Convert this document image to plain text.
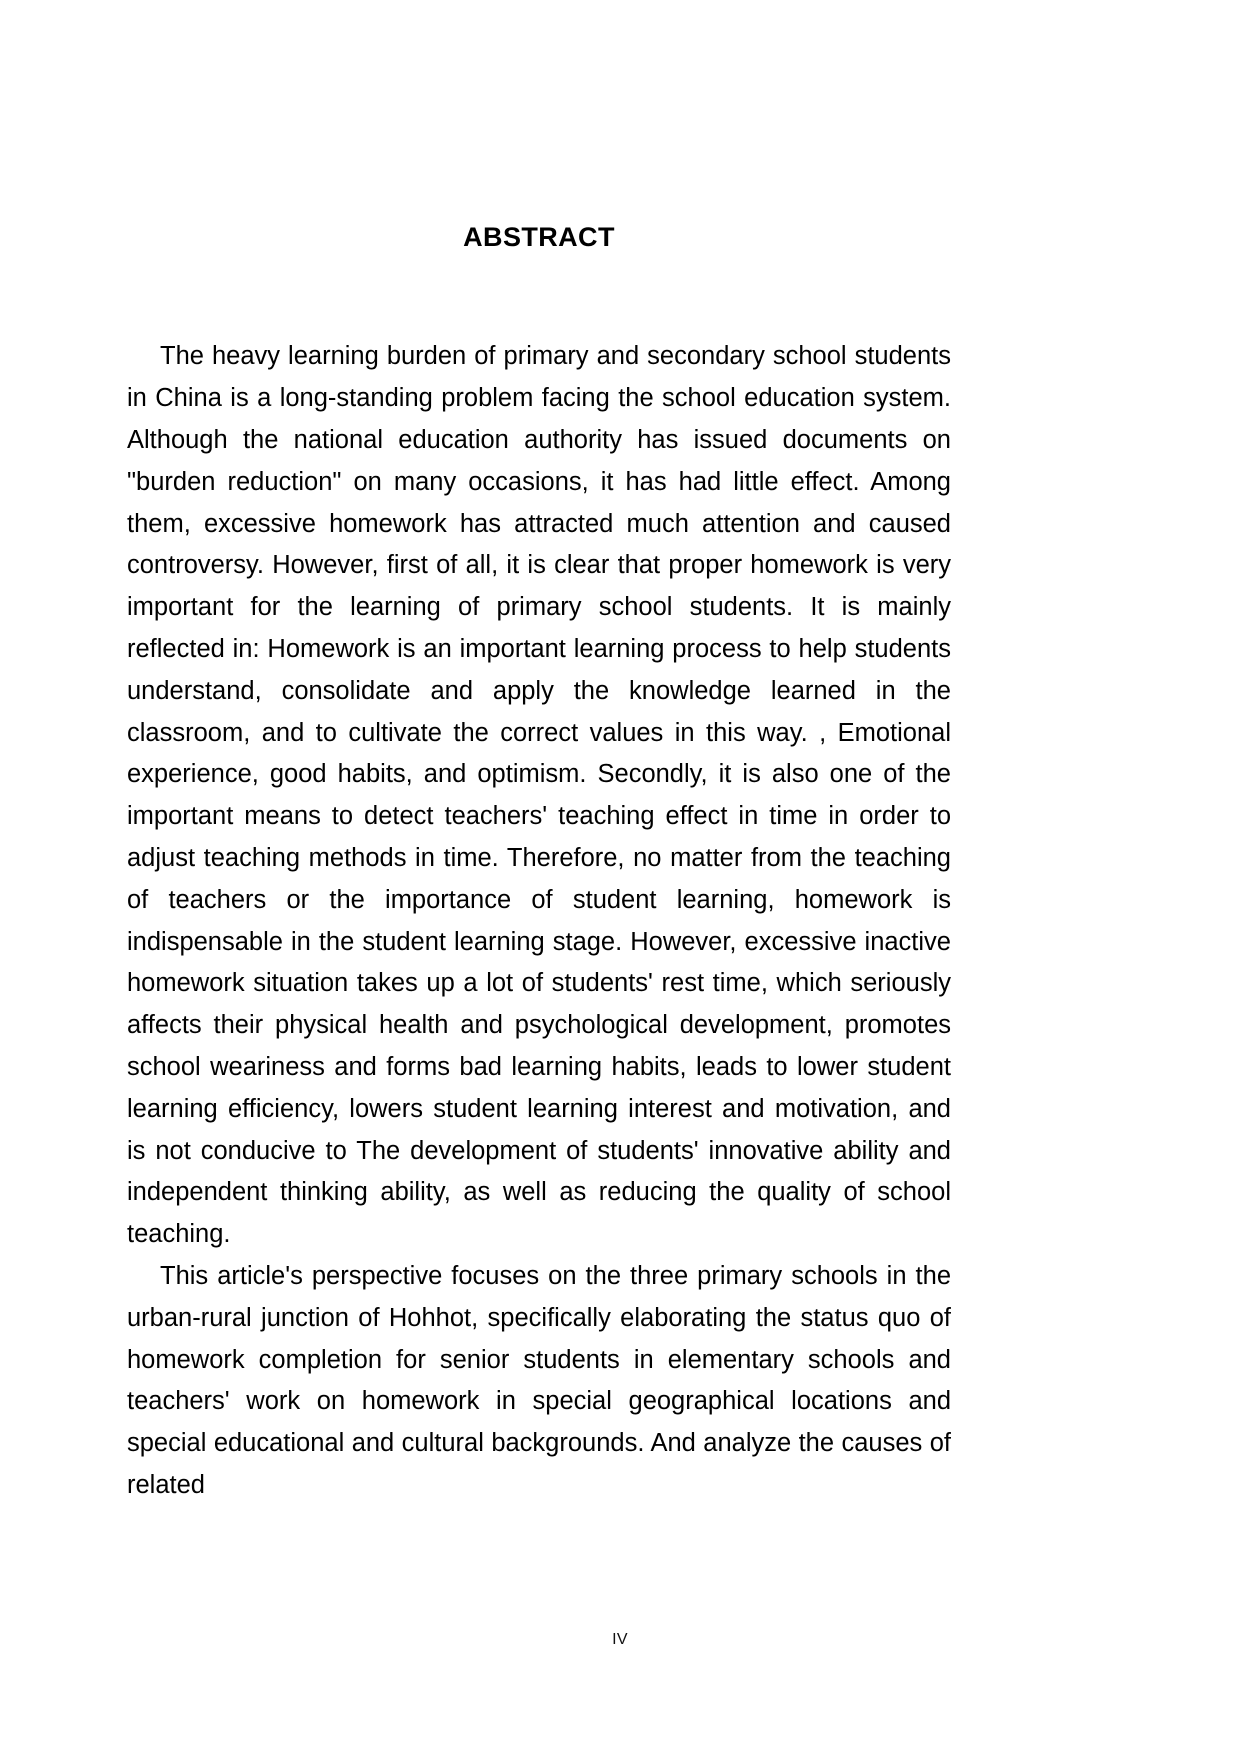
ABSTRACT

The heavy learning burden of primary and secondary school students in China is a long-standing problem facing the school education system. Although the national education authority has issued documents on "burden reduction" on many occasions, it has had little effect. Among them, excessive homework has attracted much attention and caused controversy. However, first of all, it is clear that proper homework is very important for the learning of primary school students. It is mainly reflected in: Homework is an important learning process to help students understand, consolidate and apply the knowledge learned in the classroom, and to cultivate the correct values in this way. , Emotional experience, good habits, and optimism. Secondly, it is also one of the important means to detect teachers' teaching effect in time in order to adjust teaching methods in time. Therefore, no matter from the teaching of teachers or the importance of student learning, homework is indispensable in the student learning stage. However, excessive inactive homework situation takes up a lot of students' rest time, which seriously affects their physical health and psychological development, promotes school weariness and forms bad learning habits, leads to lower student learning efficiency, lowers student learning interest and motivation, and is not conducive to The development of students' innovative ability and independent thinking ability, as well as reducing the quality of school teaching.

This article's perspective focuses on the three primary schools in the urban-rural junction of Hohhot, specifically elaborating the status quo of homework completion for senior students in elementary schools and teachers' work on homework in special geographical locations and special educational and cultural backgrounds. And analyze the causes of related

IV
